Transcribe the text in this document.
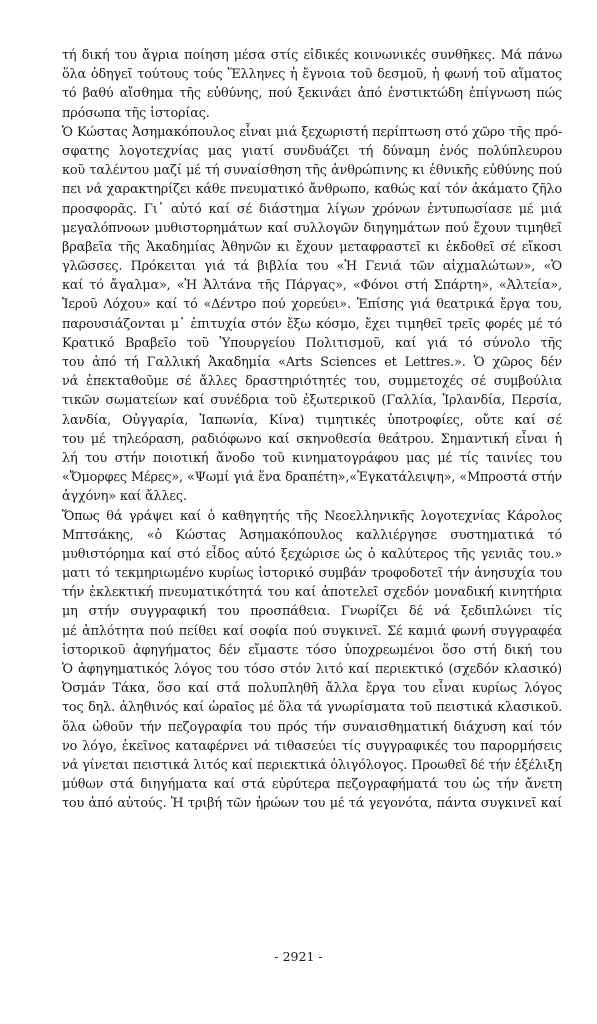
τή δική του ἄγρια ποίηση μέσα στίς εἰδικές κοινωνικές συνθῆκες. Μά πάνω
ὅλα ὁδηγεῖ τούτους τούς Ἕλληνες ἡ ἔγνοια τοῦ δεσμοῦ, ἡ φωνή τοῦ αἵματος
τό βαθύ αἴσθημα τῆς εὐθύνης, πού ξεκινάει ἀπό ἐνστικτώδη ἐπίγνωση πώς
πρόσωπα τῆς ἱστορίας.
Ὁ Κώστας Ἀσημακόπουλος εἶναι μιά ξεχωριστή περίπτωση στό χῶρο τῆς πρό-
σφατης λογοτεχνίας μας γιατί συνδυάζει τή δύναμη ἑνός πολύπλευρου
κοῦ ταλέντου μαζί μέ τή συναίσθηση τῆς ἀνθρώπινης κι ἐθνικῆς εὐθύνης πού
πει νά χαρακτηρίζει κάθε πνευματικό ἄνθρωπο, καθώς καί τόν ἀκάματο ζῆλο
προσφορᾶς. Γι᾽ αὐτό καί σέ διάστημα λίγων χρόνων ἐντυπωσίασε μέ μιά
μεγαλόπνοων μυθιστορημάτων καί συλλογῶν διηγημάτων πού ἔχουν τιμηθεῖ
βραβεῖα τῆς Ἀκαδημίας Ἀθηνῶν κι ἔχουν μεταφραστεῖ κι ἐκδοθεῖ σέ εἴκοσι
γλῶσσες. Πρόκειται γιά τά βιβλία του «Ἡ Γενιά τῶν αἰχμαλώτων», «Ὁ
καί τό ἄγαλμα», «Ἡ Ἀλτάνα τῆς Πάργας», «Φόνοι στή Σπάρτη», «Ἀλτεία»,
Ἱεροῦ Λόχου» καί τό «Δέντρο πού χορεύει». Ἐπίσης γιά θεατρικά ἔργα του,
παρουσιάζονται μ᾽ ἐπιτυχία στόν ἔξω κόσμο, ἔχει τιμηθεῖ τρεῖς φορές μέ τό
Κρατικό Βραβεῖο τοῦ Ὑπουργείου Πολιτισμοῦ, καί γιά τό σύνολο τῆς
του ἀπό τή Γαλλική Ἀκαδημία «Arts Sciences et Lettres.». Ὁ χῶρος δέν
νά ἐπεκταθοῦμε σέ ἄλλες δραστηριότητές του, συμμετοχές σέ συμβούλια
τικῶν σωματείων καί συνέδρια τοῦ ἐξωτερικοῦ (Γαλλία, Ἰρλανδία, Περσία,
λανδία, Οὐγγαρία, Ἰαπωνία, Κίνα) τιμητικές ὑποτροφίες, οὔτε καί σέ
του μέ τηλεόραση, ραδιόφωνο καί σκηνοθεσία θεάτρου. Σημαντική εἶναι ἡ
λή του στήν ποιοτική ἄνοδο τοῦ κινηματογράφου μας μέ τίς ταινίες του
«Ὄμορφες Μέρες», «Ψωμί γιά ἕνα δραπέτη»,«Ἐγκατάλειψη», «Μπροστά στήν
ἀγχόνη» καί ἄλλες.
Ὅπως θά γράψει καί ὁ καθηγητής τῆς Νεοελληνικῆς λογοτεχνίας Κάρολος
Μπτσάκης, «ὁ Κώστας Ἀσημακόπουλος καλλιέργησε συστηματικά τό
μυθιστόρημα καί στό εἶδος αὐτό ξεχώρισε ὡς ὁ καλύτερος τῆς γενιᾶς του.»
ματι τό τεκμηριωμένο κυρίως ἱστορικό συμβάν τροφοδοτεῖ τήν ἀνησυχία του
τήν ἐκλεκτική πνευματικότητά του καί ἀποτελεῖ σχεδόν μοναδική κινητήρια
μη στήν συγγραφική του προσπάθεια. Γνωρίζει δέ νά ξεδιπλώνει τίς
μέ ἁπλότητα πού πείθει καί σοφία πού συγκινεῖ. Σέ καμιά φωνή συγγραφέα
ἱστορικοῦ ἀφηγήματος δέν εἴμαστε τόσο ὑποχρεωμένοι ὅσο στή δική του
Ὁ ἀφηγηματικός λόγος του τόσο στόν λιτό καί περιεκτικό (σχεδόν κλασικό)
Ὀσμάν Τάκα, ὅσο καί στά πολυπληθῆ ἄλλα ἔργα του εἶναι κυρίως λόγος
τος δηλ. ἀληθινός καί ὡραῖος μέ ὅλα τά γνωρίσματα τοῦ πειστικά κλασικοῦ.
ὅλα ὠθοῦν τήν πεζογραφία του πρός τήν συναισθηματική διάχυση καί τόν
νο λόγο, ἐκεῖνος καταφέρνει νά τιθασεύει τίς συγγραφικές του παρορμήσεις
νά γίνεται πειστικά λιτός καί περιεκτικά ὀλιγόλογος. Προωθεῖ δέ τήν ἐξέλιξη
μύθων στά διηγήματα καί στά εὐρύτερα πεζογραφήματά του ὡς τήν ἄνετη
του ἀπό αὐτούς. Ἡ τριβή τῶν ἡρώων του μέ τά γεγονότα, πάντα συγκινεῖ καί
- 2921 -
